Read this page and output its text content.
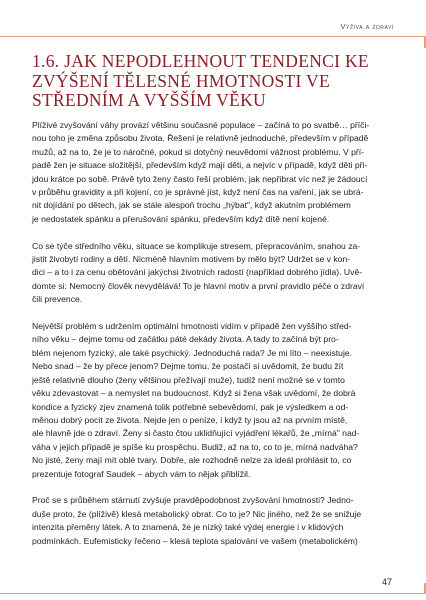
Výživa a zdraví
1.6. JAK NEPODLEHNOUT TENDENCI KE
ZVÝŠENÍ TĚLESNÉ HMOTNOSTI VE
STŘEDNÍM A VYŠŠÍM VĚKU

Plíživé zvyšování váhy provází většinu současné populace – začíná to po svatbě… příči-
nou toho je změna způsobu života. Řešení je relativně jednoduché, především v případě
mužů, až na to, že je to náročné, pokud si dotyčný neuvědomí vážnost problému. V pří-
padě žen je situace složitější, především když mají děti, a nejvíc v případě, když děti při-
jdou krátce po sobě. Právě tyto ženy často řeší problém, jak nepřibrat víc než je žádoucí
v průběhu gravidity a při kojení, co je správné jíst, když není čas na vaření, jak se ubrá-
nit dojídání po dětech, jak se stále alespoň trochu „hýbat", když akutním problémem
je nedostatek spánku a přerušování spánku, především když dítě není kojené.

Co se týče středního věku, situace se komplikuje stresem, přepracováním, snahou za-
jistit živobytí rodiny a dětí. Nicméně hlavním motivem by mělo být? Udržet se v kon-
dici – a to i za cenu obětování jakýchsi životních radostí (například dobrého jídla). Uvě-
domte si: Nemocný člověk nevydělává! To je hlavní motiv a první pravidlo péče o zdraví
čili prevence.

Největší problém s udržením optimální hmotnosti vidím v případě žen vyššího střed-
ního věku – dejme tomu od začátku páté dekády života. A tady to začíná být pro-
blém nejenom fyzický, ale také psychický. Jednoduchá rada? Je mi líto – neexistuje.
Nebo snad – že by přece jenom? Dejme tomu, že postačí si uvědomit, že budu žít
ještě relativně dlouho (ženy většinou přežívají muže), tudíž není možné se v tomto
věku zdevastovat – a nemyslet na budoucnost. Když si žena však uvědomí, že dobrá
kondice a fyzický zjev znamená tolik potřebné sebevědomí, pak je výsledkem a od-
měnou dobrý pocit ze života. Nejde jen o peníze, i když ty jsou až na prvním místě,
ale hlavně jde o zdraví. Ženy si často čtou uklidňující vyjádření lékařů, že „mírná" nad-
váha v jejich případě je spíše ku prospěchu. Budiž, až na to, co to je, mírná nadváha?
No jisté, ženy mají mít oblé tvary. Dobře, ale rozhodně nelze za ideál prohlásit to, co
prezentuje fotograf Saudek – abych vám to nějak přiblížil.

Proč se s průběhem stárnutí zvyšuje pravděpodobnost zvyšování hmotnosti? Jedno-
duše proto, že (plíživě) klesá metabolický obrat. Co to je? Nic jiného, než že se snižuje
intenzita přeměny látek. A to znamená, že je nízký také výdej energie i v klidových
podmínkách. Eufemisticky řečeno – klesá teplota spalování ve vašem (metabolickém)

47
